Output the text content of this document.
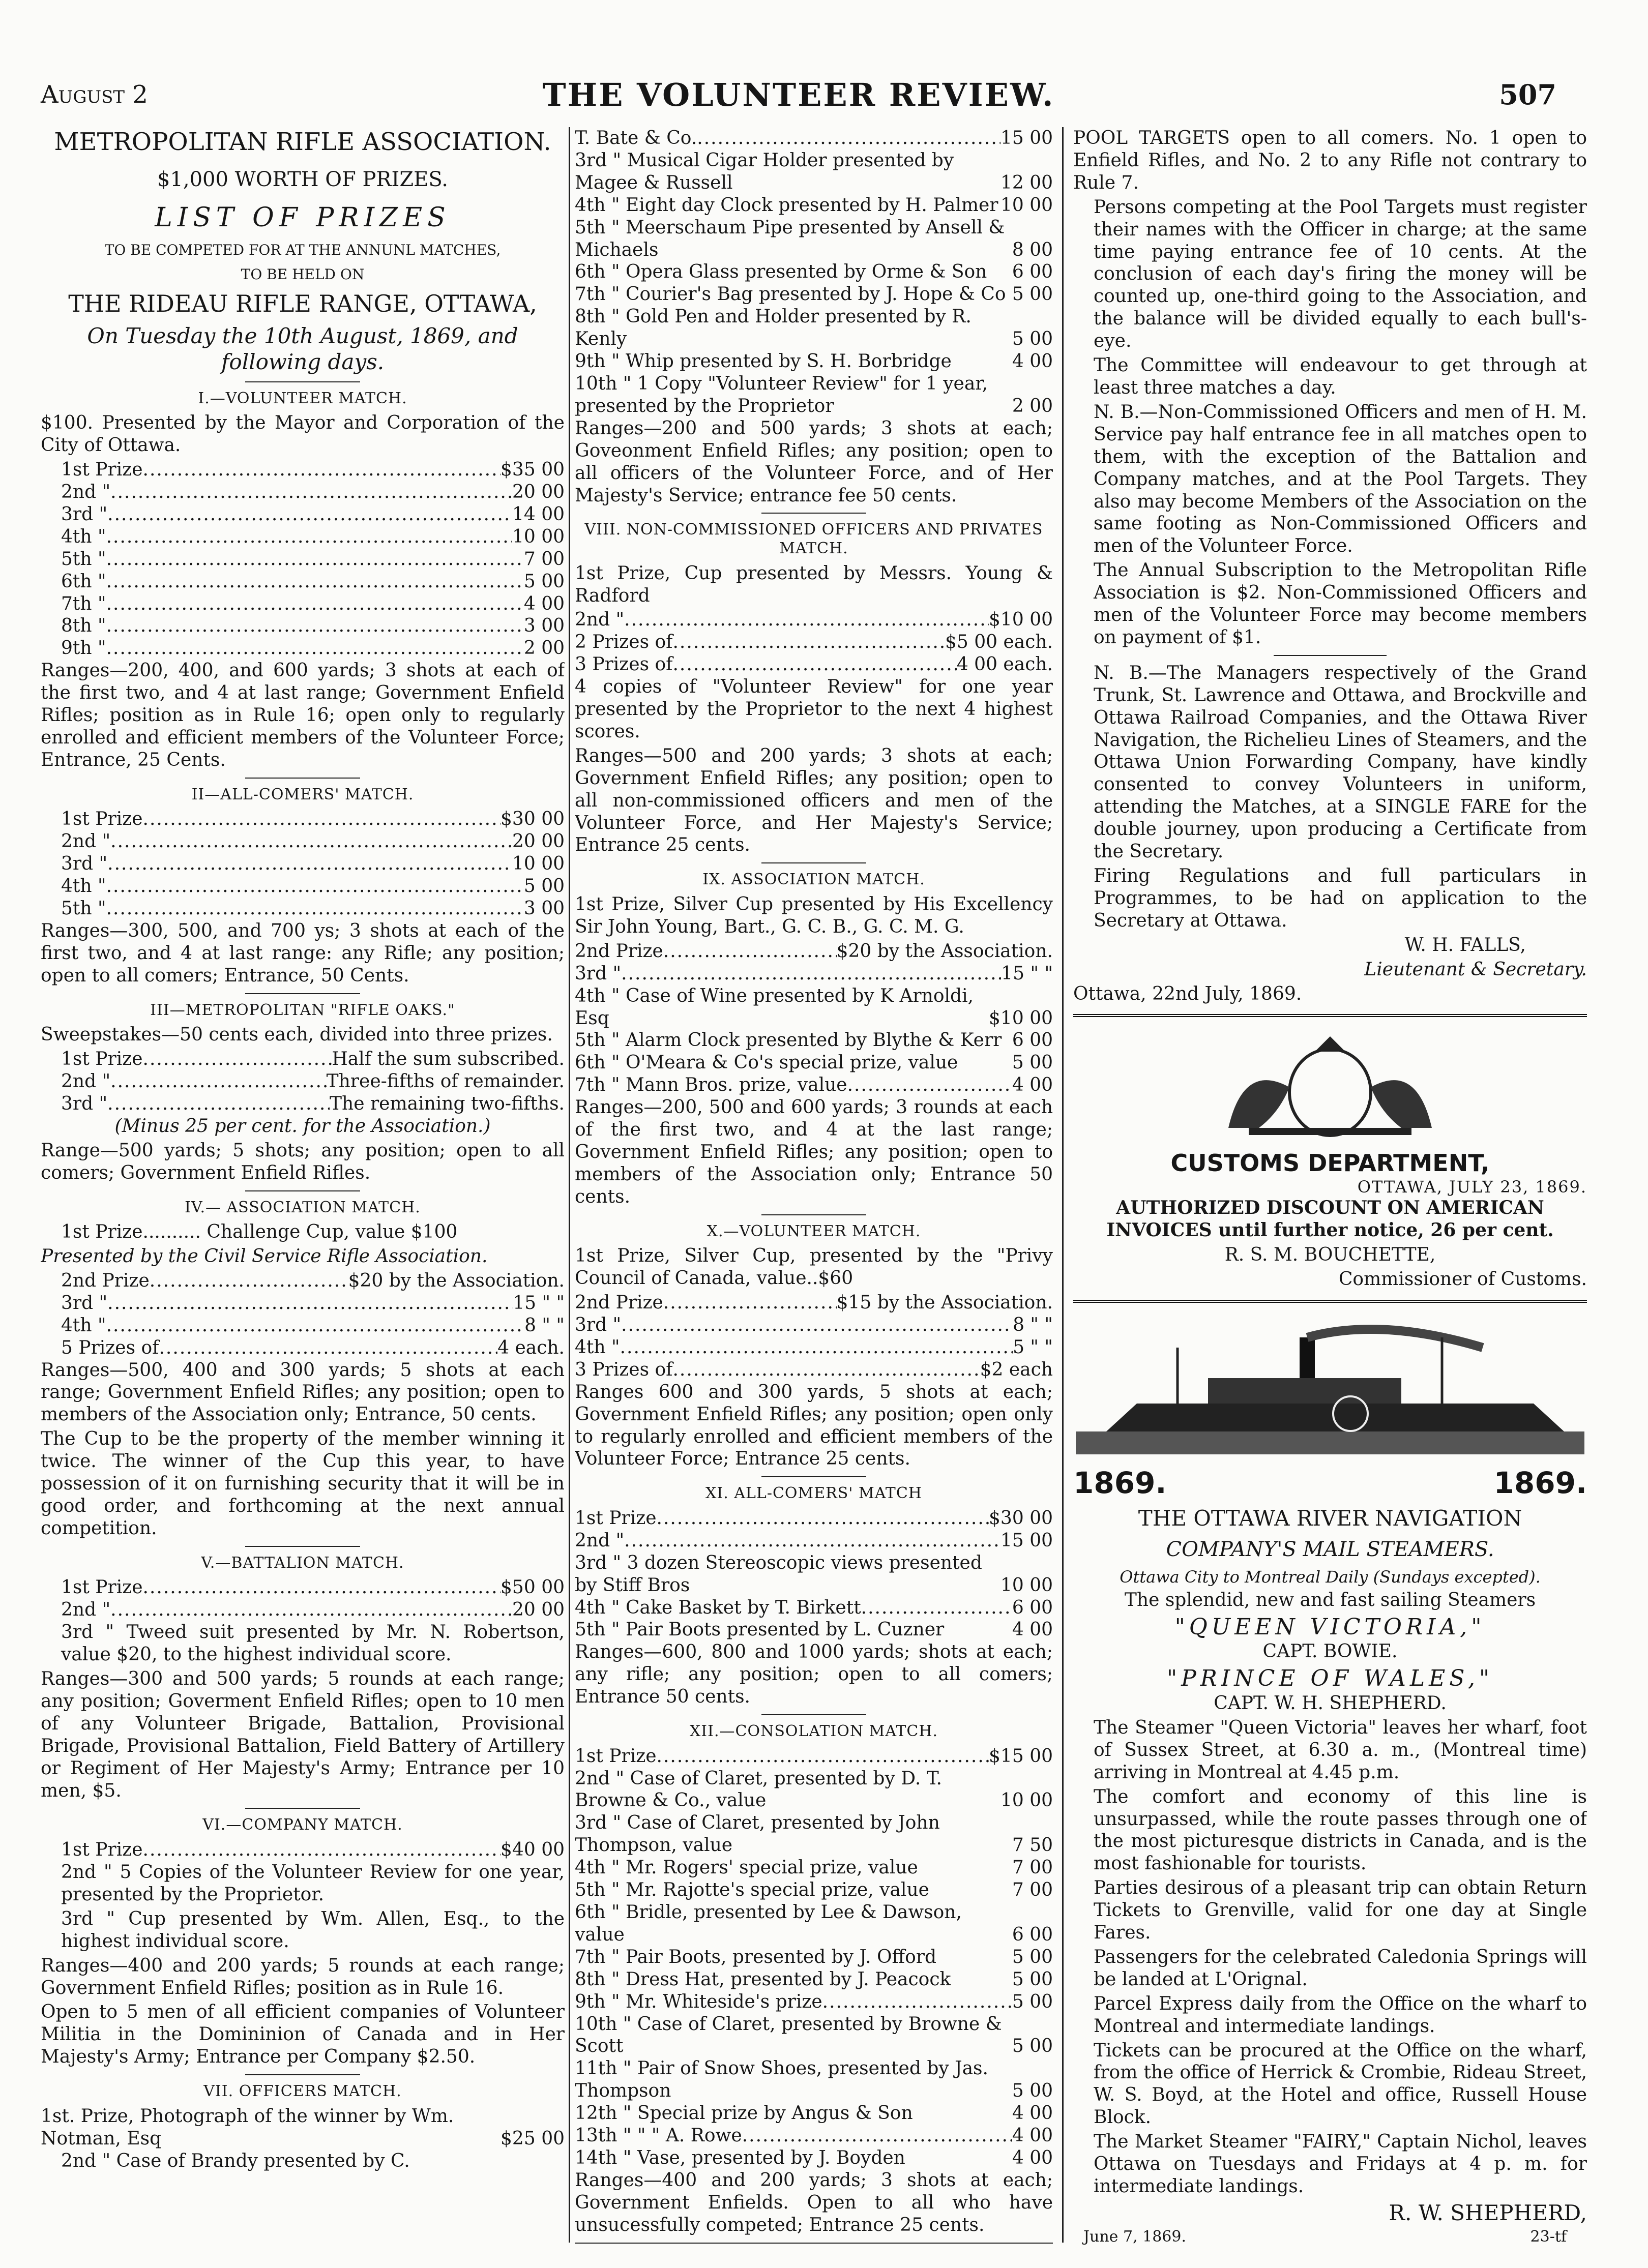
August 2	THE VOLUNTEER REVIEW.	507
METROPOLITAN RIFLE ASSOCIATION.
$1,000 WORTH OF PRIZES.
LIST OF PRIZES
TO BE COMPETED FOR AT THE ANNUNL MATCHES,
TO BE HELD ON
THE RIDEAU RIFLE RANGE, OTTAWA,
On Tuesday the 10th August, 1869, and following days.
I.—VOLUNTEER MATCH.

$100. Presented by the Mayor and Corporation of the City of Ottawa.

1st Prize .....	$35 00
2nd " .....	20 00
3rd " .....	14 00
4th " .....	10 00
5th " .....	7 00
6th " .....	5 00
7th " .....	4 00
8th " .....	3 00
9th " .....	2 00

Ranges—200, 400, and 600 yards; 3 shots at each of the first two, and 4 at last range; Government Enfield Rifles; position as in Rule 16; open only to regularly enrolled and efficient members of the Volunteer Force; Entrance, 25 Cents.

II—ALL-COMERS' MATCH.
1st Prize .....	$30 00
2nd " .....	20 00
3rd " .....	10 00
4th " .....	5 00
5th " .....	3 00

Ranges—300, 500, and 700 ys; 3 shots at each of the first two, and 4 at last range: any Rifle; any position; open to all comers; Entrance, 50 Cents.

III—METROPOLITAN "RIFLE OAKS."

Sweepstakes—50 cents each, divided into three prizes.

1st Prize .....	Half the sum subscribed.
2nd " .....	Three-fifths of remainder.
3rd " .....	The remaining two-fifths.

(Minus 25 per cent. for the Association.)

Range—500 yards; 5 shots; any position; open to all comers; Government Enfield Rifles.

IV.— ASSOCIATION MATCH.

1st Prize.......... Challenge Cup, value $100

Presented by the Civil Service Rifle Association.

2nd Prize .....	$20 by the Association.
3rd " .....	15 " "
4th " .....	8 " "
5 Prizes of .....	4 each.

Ranges—500, 400 and 300 yards; 5 shots at each range; Government Enfield Rifles; any position; open to members of the Association only; Entrance, 50 cents.

The Cup to be the property of the member winning it twice. The winner of the Cup this year, to have possession of it on furnishing security that it will be in good order, and forthcoming at the next annual competition.

V.—BATTALION MATCH.
1st Prize .....	$50 00
2nd " .....	20 00

3rd " Tweed suit presented by Mr. N. Robertson, value $20, to the highest individual score.

Ranges—300 and 500 yards; 5 rounds at each range; any position; Goverment Enfield Rifles; open to 10 men of any Volunteer Brigade, Battalion, Provisional Brigade, Provisional Battalion, Field Battery of Artillery or Regiment of Her Majesty's Army; Entrance per 10 men, $5.

VI.—COMPANY MATCH.
1st Prize .....	$40 00

2nd " 5 Copies of the Volunteer Review for one year, presented by the Proprietor.

3rd " Cup presented by Wm. Allen, Esq., to the highest individual score.

Ranges—400 and 200 yards; 5 rounds at each range; Government Enfield Rifles; position as in Rule 16.

Open to 5 men of all efficient companies of Volunteer Militia in the Domininion of Canada and in Her Majesty's Army; Entrance per Company $2.50.

VII. OFFICERS MATCH.
1st. Prize, Photograph of the winner by Wm. Notman, Esq	$25 00

2nd " Case of Brandy presented by C.

T. Bate & Co. .....	15 00
3rd " Musical Cigar Holder presented by Magee & Russell	12 00
4th " Eight day Clock presented by H. Palmer 10 00
5th " Meerschaum Pipe presented by Ansell & Michaels	8 00
6th " Opera Glass presented by Orme & Son	6 00
7th " Courier's Bag presented by J. Hope & Co 5 00
8th " Gold Pen and Holder presented by R. Kenly	5 00
9th " Whip presented by S. H. Borbridge	4 00
10th " 1 Copy "Volunteer Review" for 1 year, presented by the Proprietor	2 00

Ranges—200 and 500 yards; 3 shots at each; Goveonment Enfield Rifles; any position; open to all officers of the Volunteer Force, and of Her Majesty's Service; entrance fee 50 cents.

VIII. NON-COMMISSIONED OFFICERS AND PRIVATES MATCH.

1st Prize, Cup presented by Messrs. Young & Radford

2nd " .....	$10 00
2 Prizes of .....	$5 00 each.
3 Prizes of .....	4 00 each.

4 copies of "Volunteer Review" for one year presented by the Proprietor to the next 4 highest scores.

Ranges—500 and 200 yards; 3 shots at each; Government Enfield Rifles; any position; open to all non-commissioned officers and men of the Volunteer Force, and Her Majesty's Service; Entrance 25 cents.

IX. ASSOCIATION MATCH.

1st Prize, Silver Cup presented by His Excellency Sir John Young, Bart., G. C. B., G. C. M. G.

2nd Prize .....	$20 by the Association.
3rd " .....	15 " "
4th " Case of Wine presented by K Arnoldi, Esq	$10 00
5th " Alarm Clock presented by Blythe & Kerr 6 00
6th " O'Meara & Co's special prize, value	5 00
7th " Mann Bros. prize, value .....	4 00

Ranges—200, 500 and 600 yards; 3 rounds at each of the first two, and 4 at the last range; Government Enfield Rifles; any position; open to members of the Association only; Entrance 50 cents.

X.—VOLUNTEER MATCH.

1st Prize, Silver Cup, presented by the "Privy Council of Canada, value..$60

2nd Prize .....	$15 by the Association.
3rd " .....	8 " "
4th " .....	5 " "
3 Prizes of .....	$2 each

Ranges 600 and 300 yards, 5 shots at each; Government Enfield Rifles; any position; open only to regularly enrolled and efficient members of the Volunteer Force; Entrance 25 cents.

XI. ALL-COMERS' MATCH
1st Prize .....	$30 00
2nd " .....	15 00
3rd " 3 dozen Stereoscopic views presented by Stiff Bros	10 00
4th " Cake Basket by T. Birkett .....	6 00
5th " Pair Boots presented by L. Cuzner	4 00

Ranges—600, 800 and 1000 yards; shots at each; any rifle; any position; open to all comers; Entrance 50 cents.

XII.—CONSOLATION MATCH.
1st Prize .....	$15 00
2nd " Case of Claret, presented by D. T. Browne & Co., value	10 00
3rd " Case of Claret, presented by John Thompson, value	7 50
4th " Mr. Rogers' special prize, value	7 00
5th " Mr. Rajotte's special prize, value	7 00
6th " Bridle, presented by Lee & Dawson, value	6 00
7th " Pair Boots, presented by J. Offord	5 00
8th " Dress Hat, presented by J. Peacock	5 00
9th " Mr. Whiteside's prize .....	5 00
10th " Case of Claret, presented by Browne & Scott	5 00
11th " Pair of Snow Shoes, presented by Jas. Thompson	5 00
12th " Special prize by Angus & Son	4 00
13th " " " A. Rowe .....	4 00
14th " Vase, presented by J. Boyden	4 00

Ranges—400 and 200 yards; 3 shots at each; Government Enfields. Open to all who have unsucessfully competed; Entrance 25 cents.

POOL TARGETS open to all comers. No. 1 open to Enfield Rifles, and No. 2 to any Rifle not contrary to Rule 7.

Persons competing at the Pool Targets must register their names with the Officer in charge; at the same time paying entrance fee of 10 cents. At the conclusion of each day's firing the money will be counted up, one-third going to the Association, and the balance will be divided equally to each bull's-eye.

The Committee will endeavour to get through at least three matches a day.

N. B.—Non-Commissioned Officers and men of H. M. Service pay half entrance fee in all matches open to them, with the exception of the Battalion and Company matches, and at the Pool Targets. They also may become Members of the Association on the same footing as Non-Commissioned Officers and men of the Volunteer Force.

The Annual Subscription to the Metropolitan Rifle Association is $2. Non-Commissioned Officers and men of the Volunteer Force may become members on payment of $1.

N. B.—The Managers respectively of the Grand Trunk, St. Lawrence and Ottawa, and Brockville and Ottawa Railroad Companies, and the Ottawa River Navigation, the Richelieu Lines of Steamers, and the Ottawa Union Forwarding Company, have kindly consented to convey Volunteers in uniform, attending the Matches, at a SINGLE FARE for the double journey, upon producing a Certificate from the Secretary.

Firing Regulations and full particulars in Programmes, to be had on application to the Secretary at Ottawa.

W. H. FALLS,

Lieutenant & Secretary.

Ottawa, 22nd July, 1869.

CUSTOMS DEPARTMENT,
OTTAWA, JULY 23, 1869.

AUTHORIZED DISCOUNT ON AMERICAN INVOICES until further notice, 26 per cent.

R. S. M. BOUCHETTE,

Commissioner of Customs.

1869.	1869.
THE OTTAWA RIVER NAVIGATION
COMPANY'S MAIL STEAMERS.

Ottawa City to Montreal Daily (Sundays excepted).

The splendid, new and fast sailing Steamers

"QUEEN VICTORIA,"

CAPT. BOWIE.

"PRINCE OF WALES,"

CAPT. W. H. SHEPHERD.

The Steamer "Queen Victoria" leaves her wharf, foot of Sussex Street, at 6.30 a. m., (Montreal time) arriving in Montreal at 4.45 p.m.

The comfort and economy of this line is unsurpassed, while the route passes through one of the most picturesque districts in Canada, and is the most fashionable for tourists.

Parties desirous of a pleasant trip can obtain Return Tickets to Grenville, valid for one day at Single Fares.

Passengers for the celebrated Caledonia Springs will be landed at L'Orignal.

Parcel Express daily from the Office on the wharf to Montreal and intermediate landings.

Tickets can be procured at the Office on the wharf, from the office of Herrick & Crombie, Rideau Street, W. S. Boyd, at the Hotel and office, Russell House Block.

The Market Steamer "FAIRY," Captain Nichol, leaves Ottawa on Tuesdays and Fridays at 4 p. m. for intermediate landings.

R. W. SHEPHERD,

June 7, 1869.	23-tf
